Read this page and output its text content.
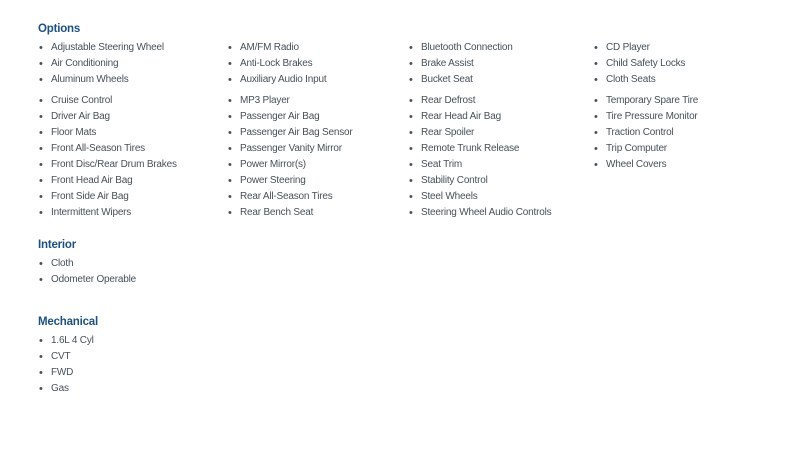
Options
• Adjustable Steering Wheel
• Air Conditioning
• Aluminum Wheels
• Cruise Control
• Driver Air Bag
• Floor Mats
• Front All-Season Tires
• Front Disc/Rear Drum Brakes
• Front Head Air Bag
• Front Side Air Bag
• Intermittent Wipers
• AM/FM Radio
• Anti-Lock Brakes
• Auxiliary Audio Input
• MP3 Player
• Passenger Air Bag
• Passenger Air Bag Sensor
• Passenger Vanity Mirror
• Power Mirror(s)
• Power Steering
• Rear All-Season Tires
• Rear Bench Seat
• Bluetooth Connection
• Brake Assist
• Bucket Seat
• Rear Defrost
• Rear Head Air Bag
• Rear Spoiler
• Remote Trunk Release
• Seat Trim
• Stability Control
• Steel Wheels
• Steering Wheel Audio Controls
• CD Player
• Child Safety Locks
• Cloth Seats
• Temporary Spare Tire
• Tire Pressure Monitor
• Traction Control
• Trip Computer
• Wheel Covers
Interior
• Cloth
• Odometer Operable
Mechanical
• 1.6L 4 Cyl
• CVT
• FWD
• Gas
